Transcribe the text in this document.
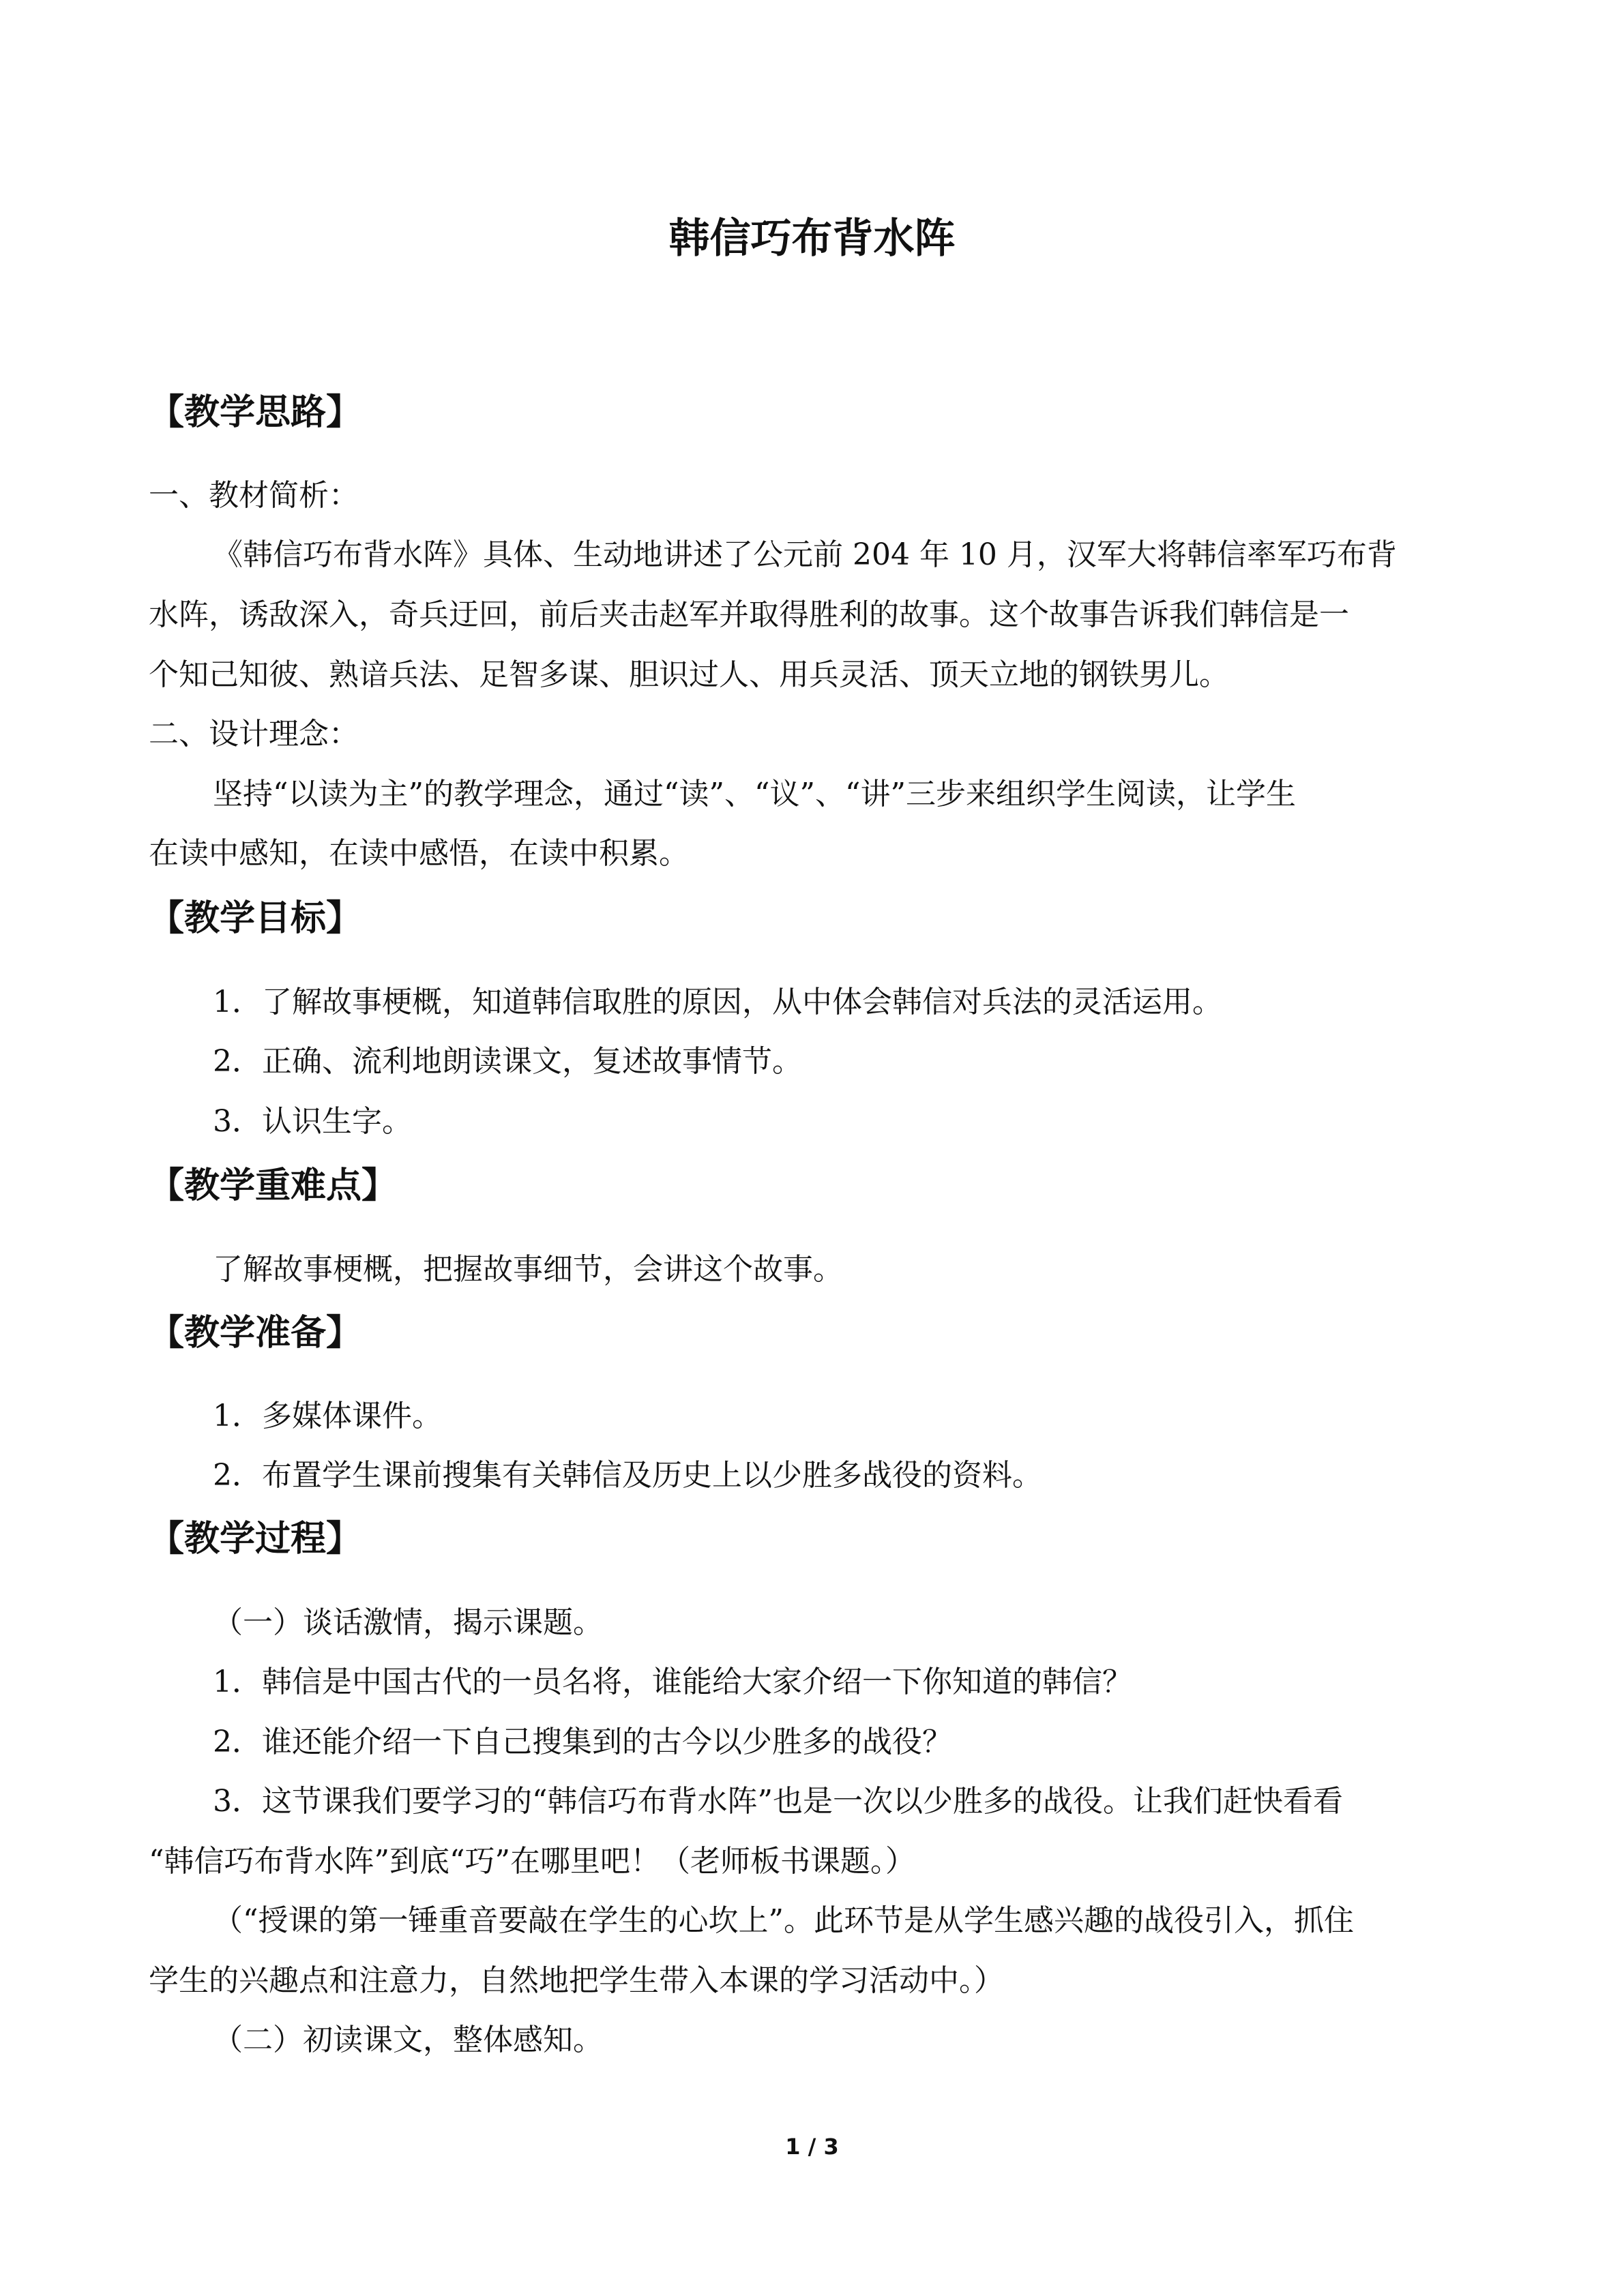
韩信巧布背水阵
【教学思路】
一、教材简析：
《韩信巧布背水阵》具体、生动地讲述了公元前 204 年 10 月，汉军大将韩信率军巧布背
水阵，诱敌深入，奇兵迂回，前后夹击赵军并取得胜利的故事。这个故事告诉我们韩信是一
个知己知彼、熟谙兵法、足智多谋、胆识过人、用兵灵活、顶天立地的钢铁男儿。
二、设计理念：
坚持“以读为主”的教学理念，通过“读”、“议”、“讲”三步来组织学生阅读，让学生
在读中感知，在读中感悟，在读中积累。
【教学目标】
1．了解故事梗概，知道韩信取胜的原因，从中体会韩信对兵法的灵活运用。
2．正确、流利地朗读课文，复述故事情节。
3．认识生字。
【教学重难点】
了解故事梗概，把握故事细节，会讲这个故事。
【教学准备】
1．多媒体课件。
2．布置学生课前搜集有关韩信及历史上以少胜多战役的资料。
【教学过程】
（一）谈话激情，揭示课题。
1．韩信是中国古代的一员名将，谁能给大家介绍一下你知道的韩信？
2．谁还能介绍一下自己搜集到的古今以少胜多的战役？
3．这节课我们要学习的“韩信巧布背水阵”也是一次以少胜多的战役。让我们赶快看看
“韩信巧布背水阵”到底“巧”在哪里吧！（老师板书课题。）
（“授课的第一锤重音要敲在学生的心坎上”。此环节是从学生感兴趣的战役引入，抓住
学生的兴趣点和注意力，自然地把学生带入本课的学习活动中。）
（二）初读课文，整体感知。
1 / 3
